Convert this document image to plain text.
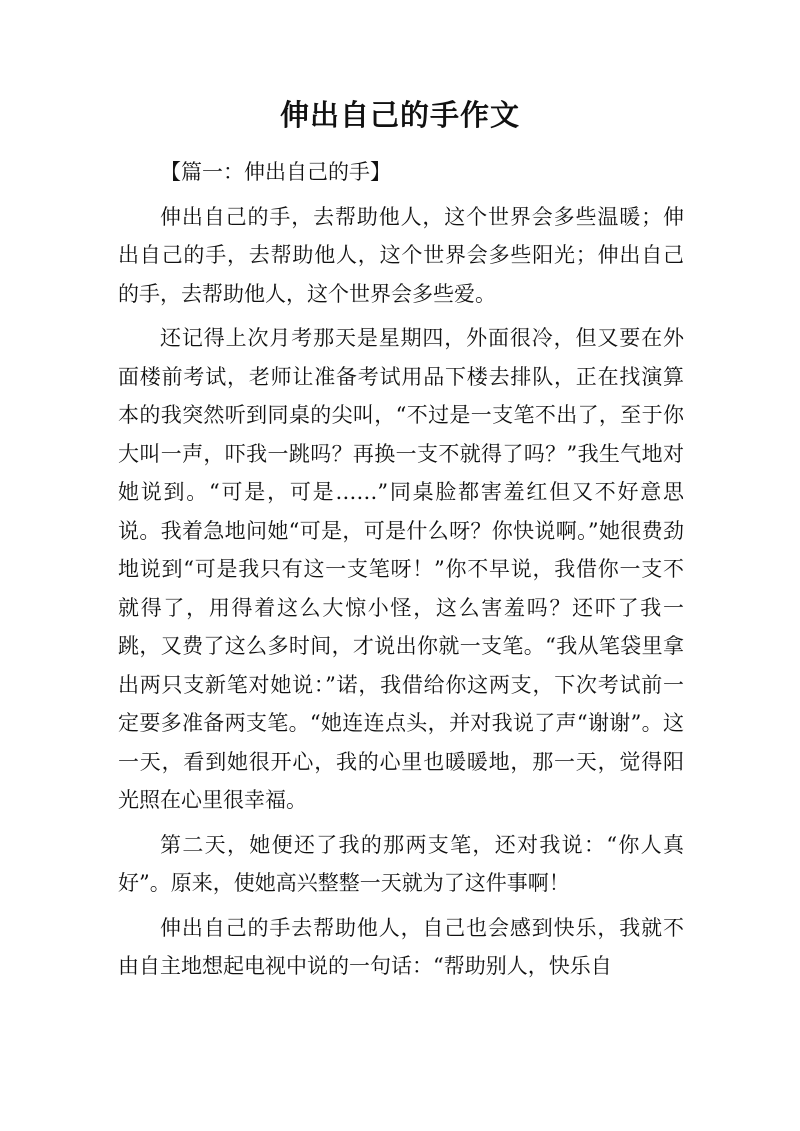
伸出自己的手作文

【篇一：伸出自己的手】

伸出自己的手，去帮助他人，这个世界会多些温暖；伸出自己的手，去帮助他人，这个世界会多些阳光；伸出自己的手，去帮助他人，这个世界会多些爱。

还记得上次月考那天是星期四，外面很冷，但又要在外面楼前考试，老师让准备考试用品下楼去排队，正在找演算本的我突然听到同桌的尖叫，“不过是一支笔不出了，至于你大叫一声，吓我一跳吗？再换一支不就得了吗？”我生气地对她说到。“可是，可是……”同桌脸都害羞红但又不好意思说。我着急地问她“可是，可是什么呀？你快说啊。”她很费劲地说到“可是我只有这一支笔呀！”你不早说，我借你一支不就得了，用得着这么大惊小怪，这么害羞吗？还吓了我一跳，又费了这么多时间，才说出你就一支笔。“我从笔袋里拿出两只支新笔对她说：”诺，我借给你这两支，下次考试前一定要多准备两支笔。“她连连点头，并对我说了声“谢谢”。这一天，看到她很开心，我的心里也暖暖地，那一天，觉得阳光照在心里很幸福。

第二天，她便还了我的那两支笔，还对我说：“你人真好”。原来，使她高兴整整一天就为了这件事啊！

伸出自己的手去帮助他人，自己也会感到快乐，我就不由自主地想起电视中说的一句话：“帮助别人，快乐自
